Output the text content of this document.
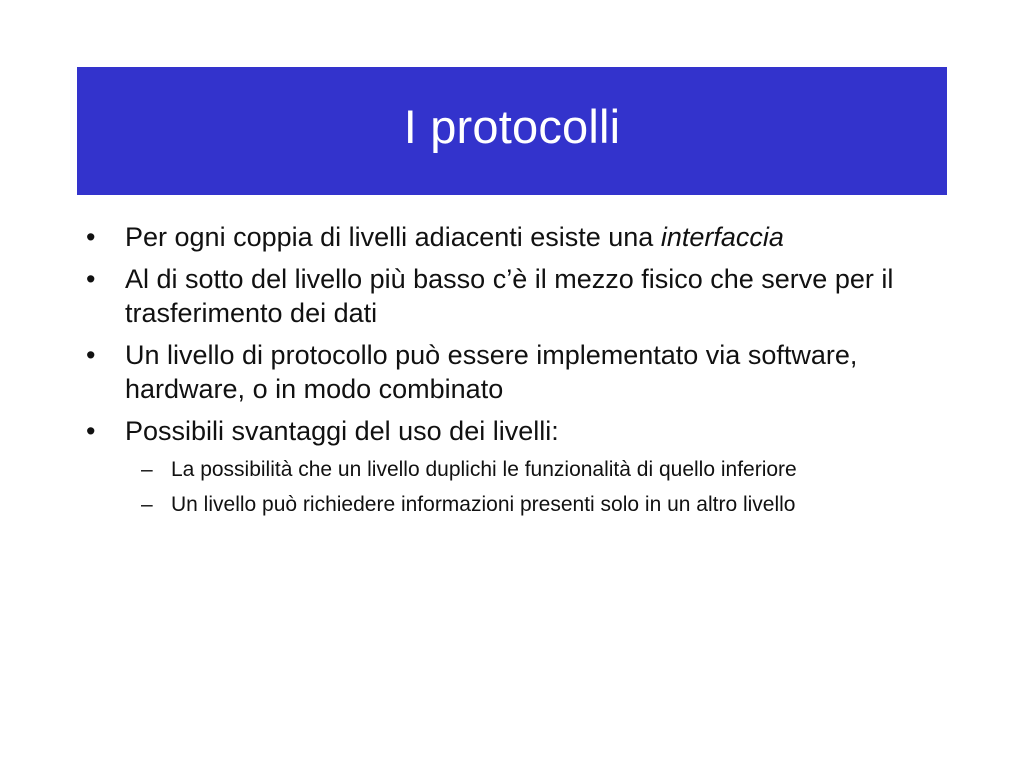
I protocolli
•	Per ogni coppia di livelli adiacenti esiste una interfaccia
•	Al di sotto del livello più basso c’è il mezzo fisico che serve per il trasferimento dei dati
•	Un livello di protocollo può essere implementato via software, hardware, o in modo combinato
•	Possibili svantaggi del uso dei livelli:
– La possibilità che un livello duplichi le funzionalità di quello inferiore
– Un livello può richiedere informazioni presenti solo in un altro livello
